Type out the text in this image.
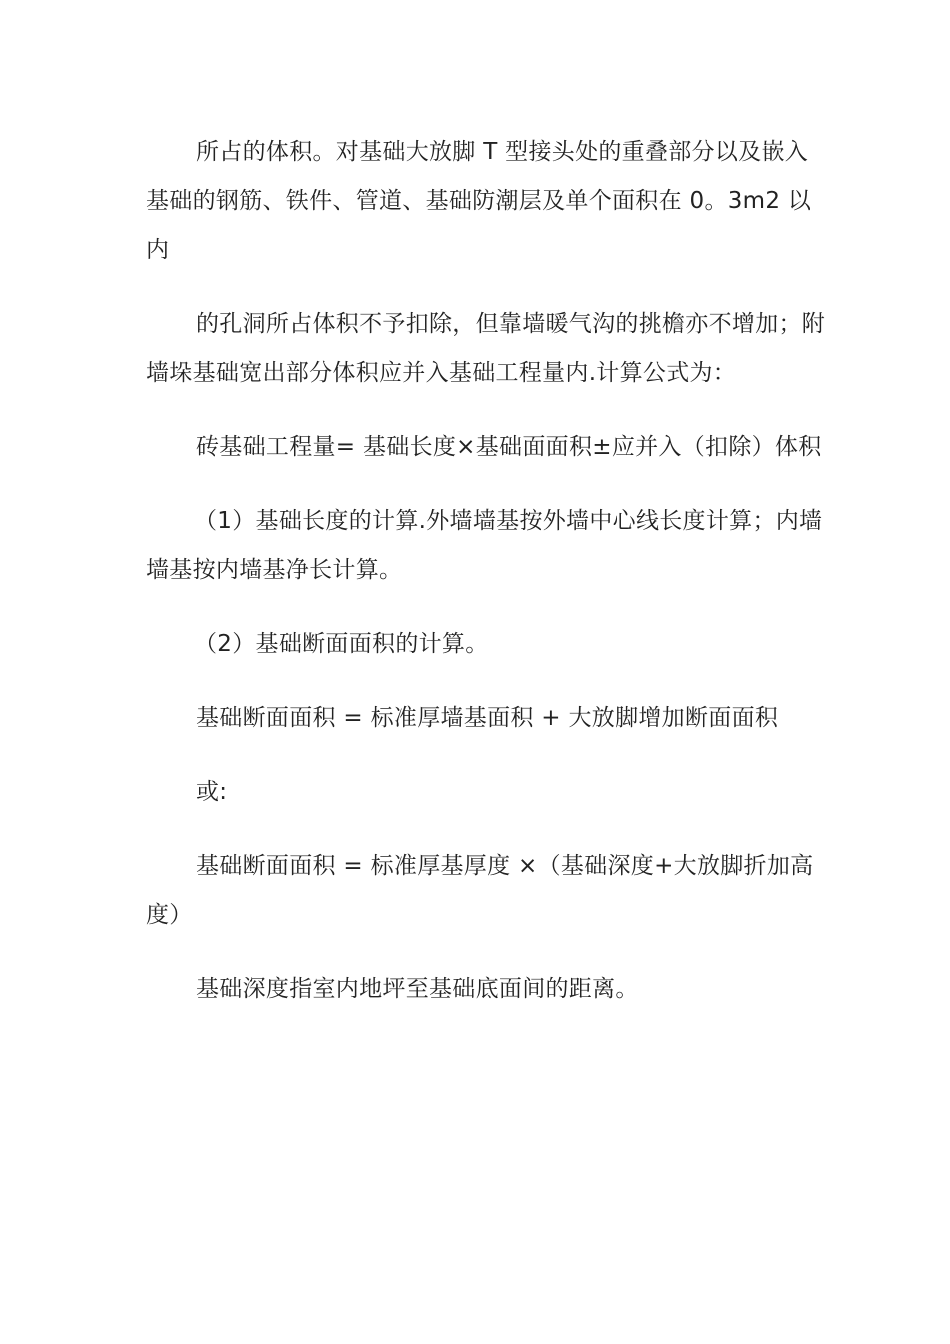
所占的体积。对基础大放脚 T 型接头处的重叠部分以及嵌入基础的钢筋、铁件、管道、基础防潮层及单个面积在 0。3m2 以内

的孔洞所占体积不予扣除，但靠墙暖气沟的挑檐亦不增加；附墙垛基础宽出部分体积应并入基础工程量内.计算公式为：

砖基础工程量= 基础长度×基础面面积±应并入（扣除）体积

（1）基础长度的计算.外墙墙基按外墙中心线长度计算；内墙墙基按内墙基净长计算。

（2）基础断面面积的计算。

基础断面面积 = 标准厚墙基面积 + 大放脚增加断面面积

或:

基础断面面积 = 标准厚基厚度 ×（基础深度+大放脚折加高度）

基础深度指室内地坪至基础底面间的距离。
